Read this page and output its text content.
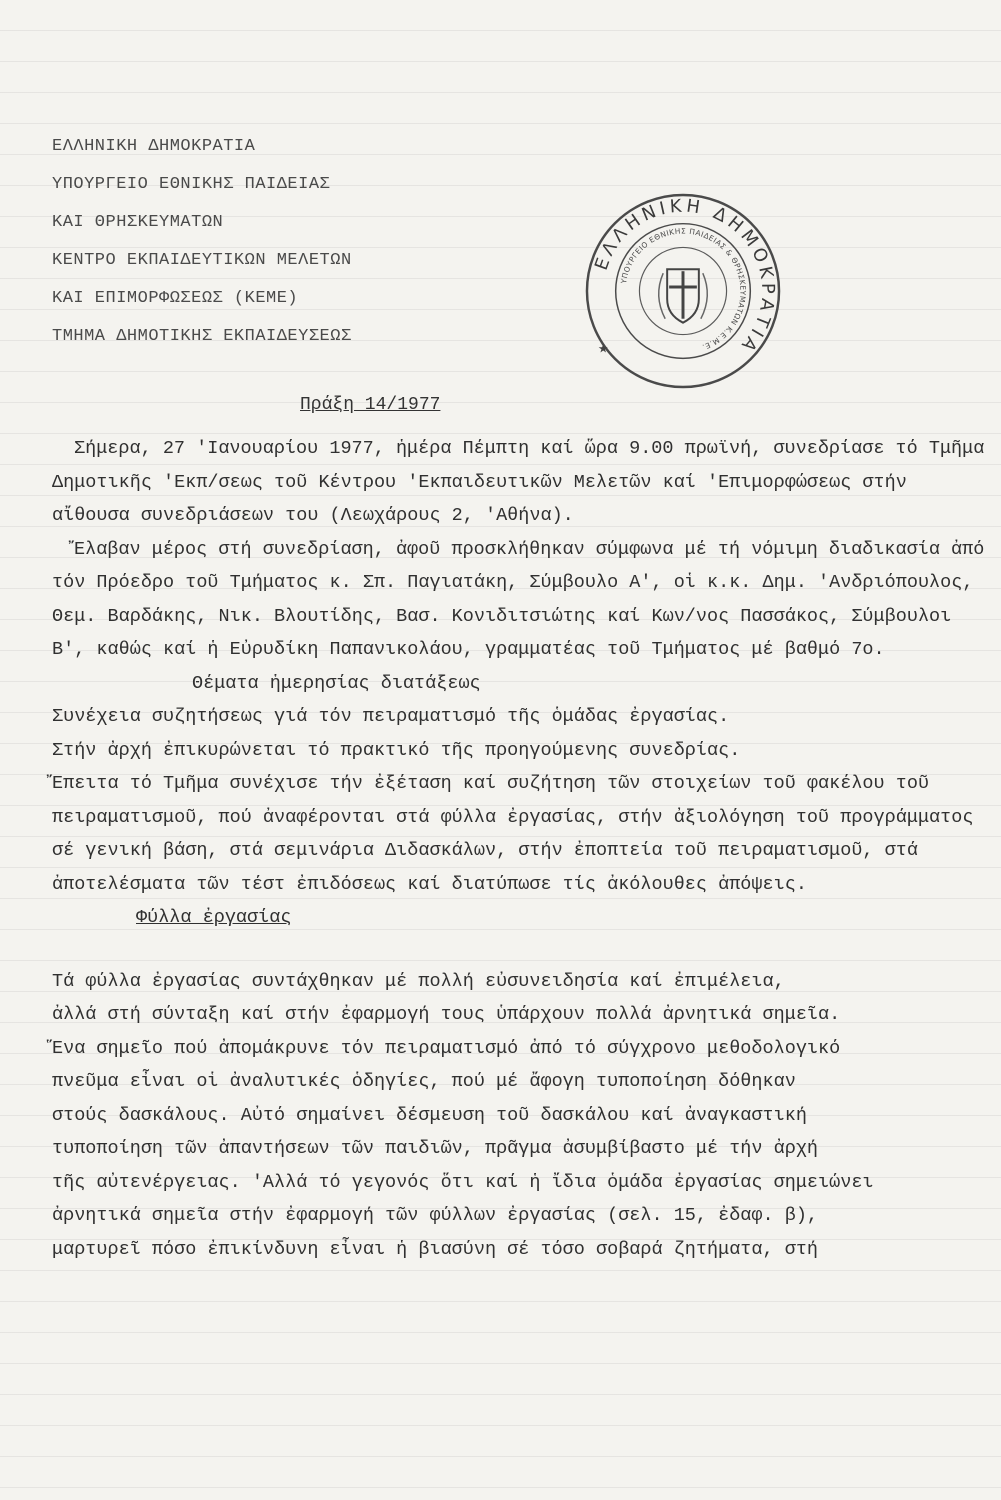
ΕΛΛΗΝΙΚΗ ΔΗΜΟΚΡΑΤΙΑ
ΥΠΟΥΡΓΕΙΟ ΕΘΝΙΚΗΣ ΠΑΙΔΕΙΑΣ
ΚΑΙ ΘΡΗΣΚΕΥΜΑΤΩΝ
ΚΕΝΤΡΟ ΕΚΠΑΙΔΕΥΤΙΚΩΝ ΜΕΛΕΤΩΝ
ΚΑΙ ΕΠΙΜΟΡΦΩΣΕΩΣ (ΚΕΜΕ)
ΤΜΗΜΑ ΔΗΜΟΤΙΚΗΣ ΕΚΠΑΙΔΕΥΣΕΩΣ
ΕΛΛΗΝΙΚΗ ΔΗΜΟΚΡΑΤΙΑ
ΥΠΟΥΡΓΕΙΟ ΕΘΝΙΚΗΣ ΠΑΙΔΕΙΑΣ & ΘΡΗΣΚΕΥΜΑΤΩΝ Κ.Ε.Μ.Ε.
★
Πράξη 14/1977

Σήμερα, 27 'Ιανουαρίου 1977, ἡμέρα Πέμπτη καί ὥρα 9.00 πρωϊνή, συνεδρίασε τό Τμῆμα Δημοτικῆς 'Εκπ/σεως τοῦ Κέντρου 'Εκπαιδευτικῶν Μελετῶν καί 'Επιμορφώσεως στήν αἴθουσα συνεδριάσεων του (Λεωχάρους 2, 'Αθήνα).

Ἔλαβαν μέρος στή συνεδρίαση, ἀφοῦ προσκλήθηκαν σύμφωνα μέ τή νόμιμη διαδικασία ἀπό τόν Πρόεδρο τοῦ Τμήματος κ. Σπ. Παγιατάκη, Σύμβουλο Α', οἱ κ.κ. Δημ. 'Ανδριόπουλος, Θεμ. Βαρδάκης, Νικ. Βλουτίδης, Βασ. Κονιδιτσιώτης καί Κων/νος Πασσάκος, Σύμβουλοι Β', καθώς καί ἡ Εὐρυδίκη Παπανικολάου, γραμματέας τοῦ Τμήματος μέ βαθμό 7ο.

Θέματα ἡμερησίας διατάξεως

Συνέχεια συζητήσεως γιά τόν πειραματισμό τῆς ὁμάδας ἐργασίας.

Στήν ἀρχή ἐπικυρώνεται τό πρακτικό τῆς προηγούμενης συνεδρίας.

Ἔπειτα τό Τμῆμα συνέχισε τήν ἐξέταση καί συζήτηση τῶν στοιχείων τοῦ φακέλου τοῦ πειραματισμοῦ, πού ἀναφέρονται στά φύλλα ἐργασίας, στήν ἀξιολόγηση τοῦ προγράμματος σέ γενική βάση, στά σεμινάρια Διδασκάλων, στήν ἐποπτεία τοῦ πειραματισμοῦ, στά ἀποτελέσματα τῶν τέστ ἐπιδόσεως καί διατύπωσε τίς ἀκόλουθες ἀπόψεις.

Φύλλα ἐργασίας

Τά φύλλα ἐργασίας συντάχθηκαν μέ πολλή εὐσυνειδησία καί ἐπιμέλεια,

ἀλλά στή σύνταξη καί στήν ἐφαρμογή τους ὑπάρχουν πολλά ἀρνητικά σημεῖα.

Ἕνα σημεῖο πού ἀπομάκρυνε τόν πειραματισμό ἀπό τό σύγχρονο μεθοδολογικό

πνεῦμα εἶναι οἱ ἀναλυτικές ὁδηγίες, πού μέ ἄφογη τυποποίηση δόθηκαν

στούς δασκάλους. Αὐτό σημαίνει δέσμευση τοῦ δασκάλου καί ἀναγκαστική

τυποποίηση τῶν ἀπαντήσεων τῶν παιδιῶν, πρᾶγμα ἀσυμβίβαστο μέ τήν ἀρχή

τῆς αὐτενέργειας. 'Αλλά τό γεγονός ὅτι καί ἡ ἴδια ὁμάδα ἐργασίας σημειώνει

ἀρνητικά σημεῖα στήν ἐφαρμογή τῶν φύλλων ἐργασίας (σελ. 15, ἐδαφ. β),

μαρτυρεῖ πόσο ἐπικίνδυνη εἶναι ἡ βιασύνη σέ τόσο σοβαρά ζητήματα, στή
